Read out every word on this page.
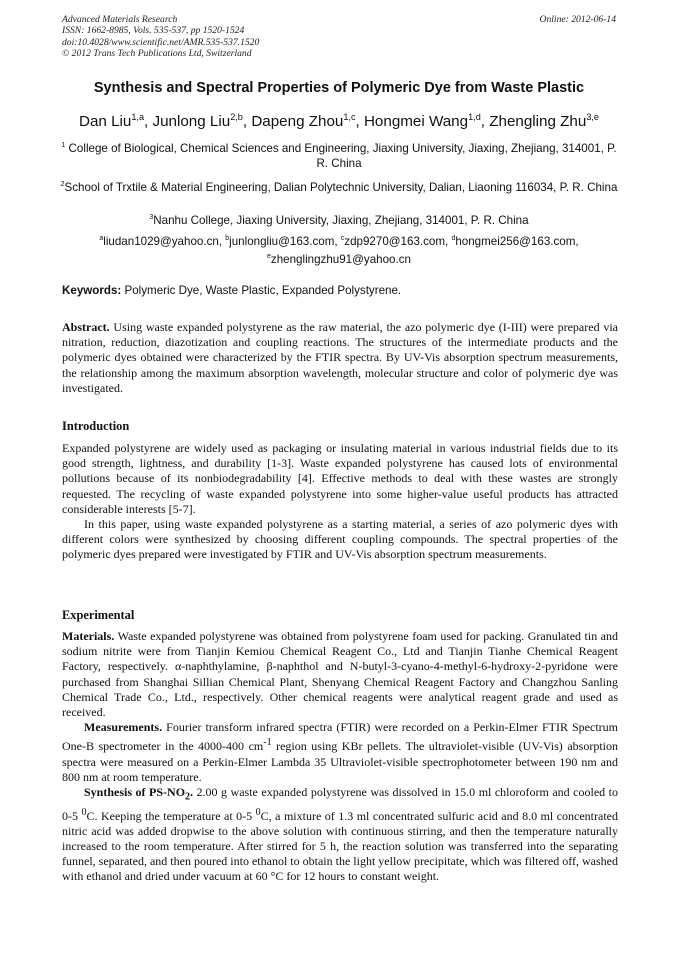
Advanced Materials Research
ISSN: 1662-8985, Vols. 535-537, pp 1520-1524
doi:10.4028/www.scientific.net/AMR.535-537.1520
© 2012 Trans Tech Publications Ltd, Switzerland
Online: 2012-06-14
Synthesis and Spectral Properties of Polymeric Dye from Waste Plastic
Dan Liu$^{1,a}$, Junlong Liu$^{2,b}$, Dapeng Zhou$^{1,c}$, Hongmei Wang$^{1,d}$, Zhengling Zhu$^{3,e}$
$^1$ College of Biological, Chemical Sciences and Engineering, Jiaxing University, Jiaxing, Zhejiang, 314001, P. R. China
$^2$School of Trxtile & Material Engineering, Dalian Polytechnic University, Dalian, Liaoning 116034, P. R. China
$^3$Nanhu College, Jiaxing University, Jiaxing, Zhejiang, 314001, P. R. China
$^a$liudan1029@yahoo.cn, $^b$junlongliu@163.com, $^c$zdp9270@163.com, $^d$hongmei256@163.com,
$^e$zhenglingzhu91@yahoo.cn
Keywords: Polymeric Dye, Waste Plastic, Expanded Polystyrene.

Abstract. Using waste expanded polystyrene as the raw material, the azo polymeric dye (I-III) were prepared via nitration, reduction, diazotization and coupling reactions. The structures of the intermediate products and the polymeric dyes obtained were characterized by the FTIR spectra. By UV-Vis absorption spectrum measurements, the relationship among the maximum absorption wavelength, molecular structure and color of polymeric dye was investigated.

Introduction

Expanded polystyrene are widely used as packaging or insulating material in various industrial fields due to its good strength, lightness, and durability [1-3]. Waste expanded polystyrene has caused lots of environmental pollutions because of its nonbiodegradability [4]. Effective methods to deal with these wastes are strongly requested. The recycling of waste expanded polystyrene into some higher-value useful products has attracted considerable interests [5-7].

In this paper, using waste expanded polystyrene as a starting material, a series of azo polymeric dyes with different colors were synthesized by choosing different coupling compounds. The spectral properties of the polymeric dyes prepared were investigated by FTIR and UV-Vis absorption spectrum measurements.

Experimental

Materials. Waste expanded polystyrene was obtained from polystyrene foam used for packing. Granulated tin and sodium nitrite were from Tianjin Kemiou Chemical Reagent Co., Ltd and Tianjin Tianhe Chemical Reagent Factory, respectively. α-naphthylamine, β-naphthol and N-butyl-3-cyano-4-methyl-6-hydroxy-2-pyridone were purchased from Shanghai Sillian Chemical Plant, Shenyang Chemical Reagent Factory and Changzhou Sanling Chemical Trade Co., Ltd., respectively. Other chemical reagents were analytical reagent grade and used as received.

Measurements. Fourier transform infrared spectra (FTIR) were recorded on a Perkin-Elmer FTIR Spectrum One-B spectrometer in the 4000-400 $cm^{-1}$ region using KBr pellets. The ultraviolet-visible (UV-Vis) absorption spectra were measured on a Perkin-Elmer Lambda 35 Ultraviolet-visible spectrophotometer between 190 nm and 800 nm at room temperature.

Synthesis of $PS-NO_2$. 2.00 g waste expanded polystyrene was dissolved in 15.0 ml chloroform and cooled to 0-5 $^0$C. Keeping the temperature at 0-5 $^0$C, a mixture of 1.3 ml concentrated sulfuric acid and 8.0 ml concentrated nitric acid was added dropwise to the above solution with continuous stirring, and then the temperature naturally increased to the room temperature. After stirred for 5 h, the reaction solution was transferred into the separating funnel, separated, and then poured into ethanol to obtain the light yellow precipitate, which was filtered off, washed with ethanol and dried under vacuum at 60 °C for 12 hours to constant weight.
